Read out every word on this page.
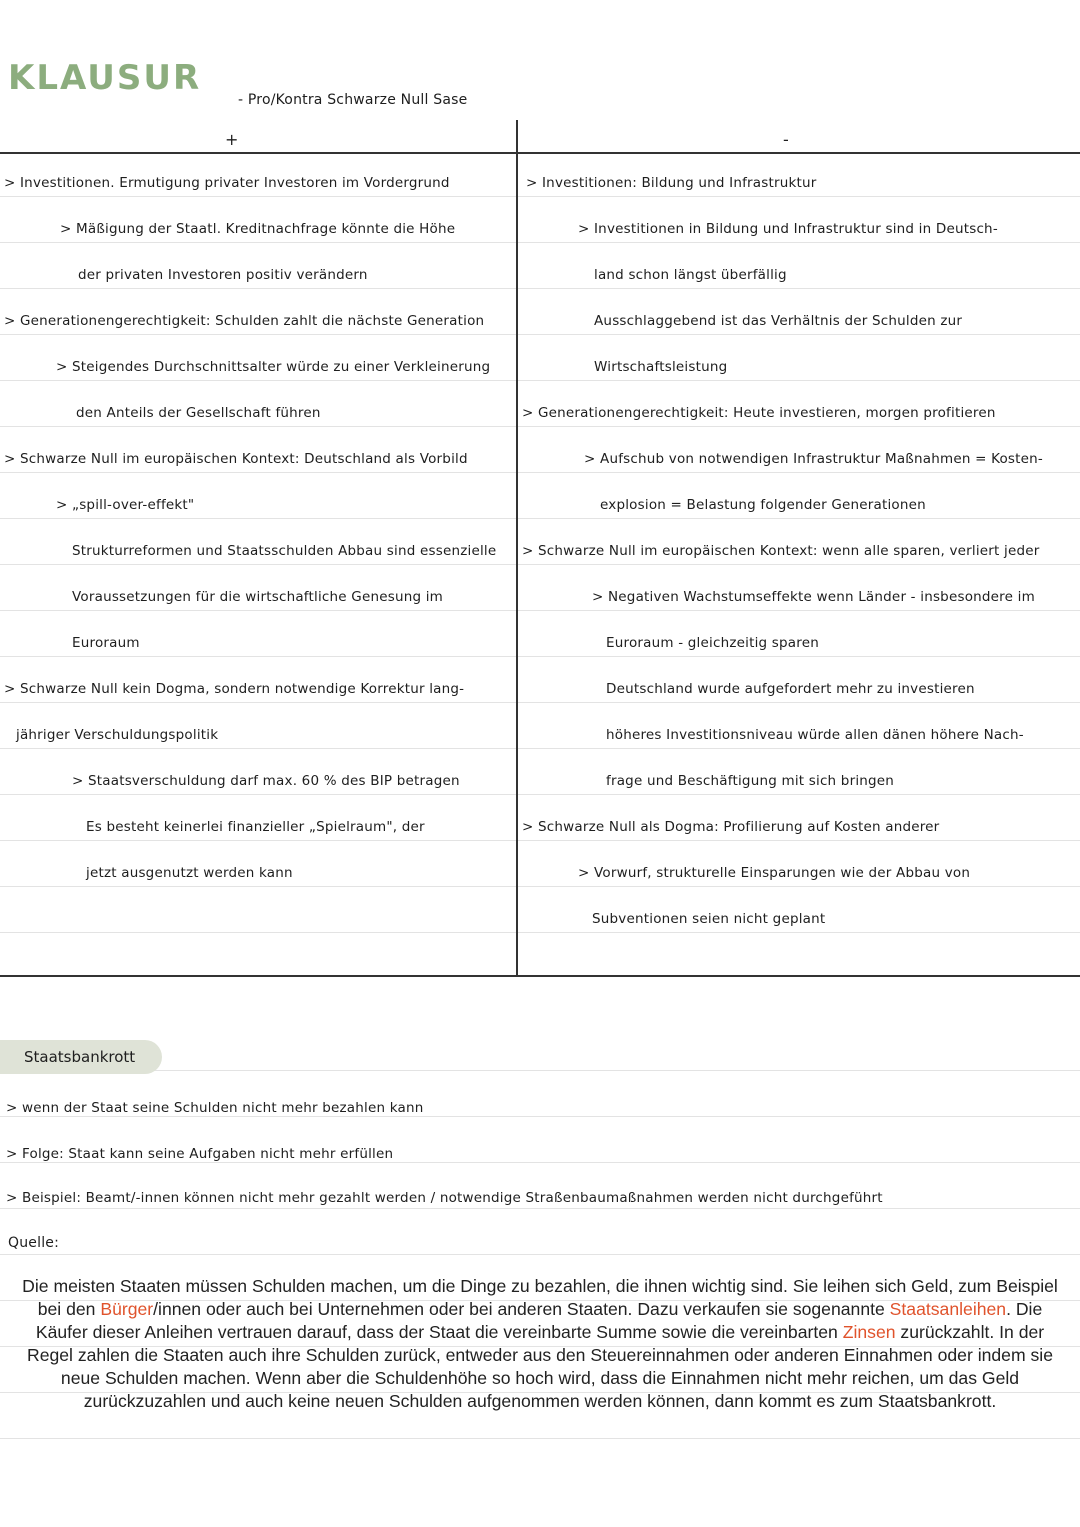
KLAUSUR
- Pro/Kontra Schwarze Null Sase
+	-
> Investitionen. Ermutigung privater Investoren im Vordergrund
> Mäßigung der Staatl. Kreditnachfrage könnte die Höhe
der privaten Investoren positiv verändern
> Generationengerechtigkeit: Schulden zahlt die nächste Generation
> Steigendes Durchschnittsalter würde zu einer Verkleinerung
den Anteils der Gesellschaft führen
> Schwarze Null im europäischen Kontext: Deutschland als Vorbild
> „spill-over-effekt"
Strukturreformen und Staatsschulden Abbau sind essenzielle
Voraussetzungen für die wirtschaftliche Genesung im
Euroraum
> Schwarze Null kein Dogma, sondern notwendige Korrektur lang-
jähriger Verschuldungspolitik
> Staatsverschuldung darf max. 60 % des BIP betragen
Es besteht keinerlei finanzieller „Spielraum", der
jetzt ausgenutzt werden kann
> Investitionen: Bildung und Infrastruktur
> Investitionen in Bildung und Infrastruktur sind in Deutsch-
land schon längst überfällig
Ausschlaggebend ist das Verhältnis der Schulden zur
Wirtschaftsleistung
> Generationengerechtigkeit: Heute investieren, morgen profitieren
> Aufschub von notwendigen Infrastruktur Maßnahmen = Kosten-
explosion = Belastung folgender Generationen
> Schwarze Null im europäischen Kontext: wenn alle sparen, verliert jeder
> Negativen Wachstumseffekte wenn Länder - insbesondere im
Euroraum - gleichzeitig sparen
Deutschland wurde aufgefordert mehr zu investieren
höheres Investitionsniveau würde allen dänen höhere Nach-
frage und Beschäftigung mit sich bringen
> Schwarze Null als Dogma: Profilierung auf Kosten anderer
> Vorwurf, strukturelle Einsparungen wie der Abbau von
Subventionen seien nicht geplant
Staatsbankrott
> wenn der Staat seine Schulden nicht mehr bezahlen kann
> Folge: Staat kann seine Aufgaben nicht mehr erfüllen
> Beispiel: Beamt/-innen können nicht mehr gezahlt werden / notwendige Straßenbaumaßnahmen werden nicht durchgeführt
Quelle:
Die meisten Staaten müssen Schulden machen, um die Dinge zu bezahlen, die ihnen wichtig sind. Sie leihen sich Geld, zum Beispiel bei den Bürger/innen oder auch bei Unternehmen oder bei anderen Staaten. Dazu verkaufen sie sogenannte Staatsanleihen. Die Käufer dieser Anleihen vertrauen darauf, dass der Staat die vereinbarte Summe sowie die vereinbarten Zinsen zurückzahlt. In der Regel zahlen die Staaten auch ihre Schulden zurück, entweder aus den Steuereinnahmen oder anderen Einnahmen oder indem sie neue Schulden machen. Wenn aber die Schuldenhöhe so hoch wird, dass die Einnahmen nicht mehr reichen, um das Geld zurückzuzahlen und auch keine neuen Schulden aufgenommen werden können, dann kommt es zum Staatsbankrott.
